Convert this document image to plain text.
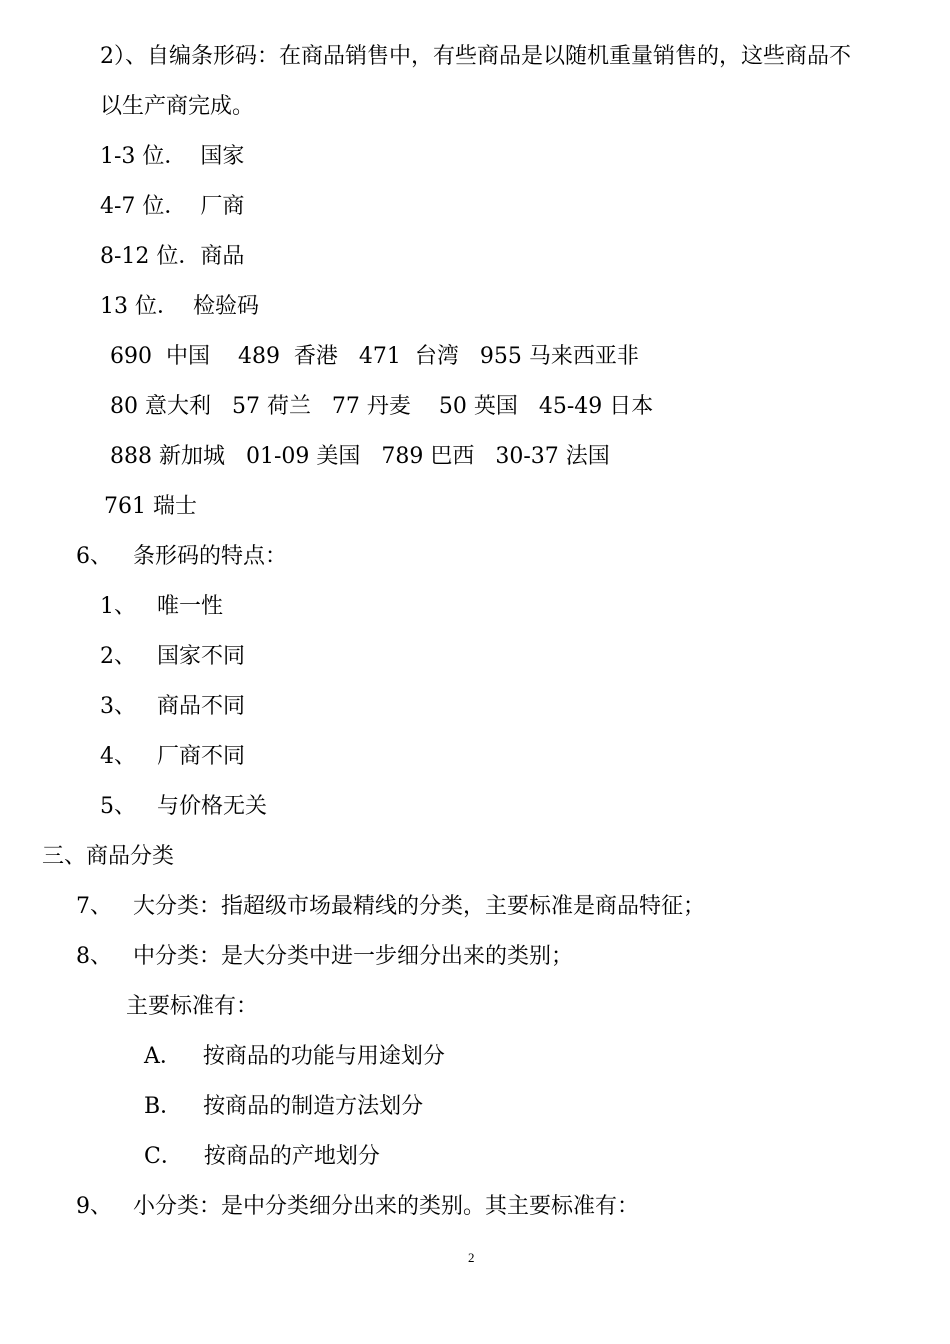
2）、自编条形码：在商品销售中，有些商品是以随机重量销售的，这些商品不
以生产商完成。
1-3 位．  国家
4-7 位．  厂商
8-12 位．商品
13 位．  检验码
690  中国    489  香港   471  台湾   955 马来西亚非
80 意大利   57 荷兰   77 丹麦    50 英国   45-49 日本
888 新加城   01-09 美国   789 巴西   30-37 法国
761 瑞士
6、   条形码的特点：
1、   唯一性
2、   国家不同
3、   商品不同
4、   厂商不同
5、   与价格无关
三、商品分类
7、   大分类：指超级市场最精线的分类，主要标准是商品特征；
8、   中分类：是大分类中进一步细分出来的类别；
主要标准有：
A．   按商品的功能与用途划分
B．   按商品的制造方法划分
C．   按商品的产地划分
9、   小分类：是中分类细分出来的类别。其主要标准有：
2
